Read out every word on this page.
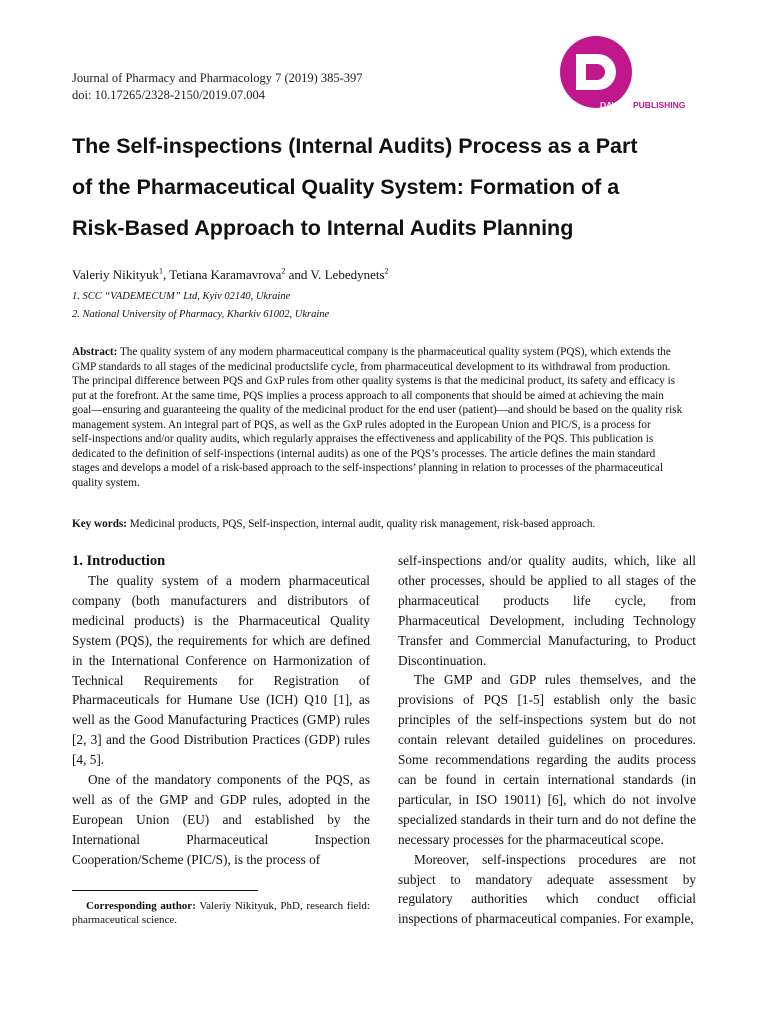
Journal of Pharmacy and Pharmacology 7 (2019) 385-397
doi: 10.17265/2328-2150/2019.07.004
DAVID PUBLISHING
The Self-inspections (Internal Audits) Process as a Part
of the Pharmaceutical Quality System: Formation of a
Risk-Based Approach to Internal Audits Planning
Valeriy Nikityuk$^1$, Tetiana Karamavrova$^2$ and V. Lebedynets$^2$
1. SCC “VADEMECUM” Ltd, Kyiv 02140, Ukraine
2. National University of Pharmacy, Kharkiv 61002, Ukraine
Abstract: The quality system of any modern pharmaceutical company is the pharmaceutical quality system (PQS), which extends the
GMP standards to all stages of the medicinal productslife cycle, from pharmaceutical development to its withdrawal from production.
The principal difference between PQS and GxP rules from other quality systems is that the medicinal product, its safety and efficacy is
put at the forefront. At the same time, PQS implies a process approach to all components that should be aimed at achieving the main
goal—ensuring and guaranteeing the quality of the medicinal product for the end user (patient)—and should be based on the quality risk
management system. An integral part of PQS, as well as the GxP rules adopted in the European Union and PIC/S, is a process for
self-inspections and/or quality audits, which regularly appraises the effectiveness and applicability of the PQS. This publication is
dedicated to the definition of self-inspections (internal audits) as one of the PQS’s processes. The article defines the main standard
stages and develops a model of a risk-based approach to the self-inspections’ planning in relation to processes of the pharmaceutical
quality system.
Key words: Medicinal products, PQS, Self-inspection, internal audit, quality risk management, risk-based approach.
1. Introduction

The quality system of a modern pharmaceutical company (both manufacturers and distributors of medicinal products) is the Pharmaceutical Quality System (PQS), the requirements for which are defined in the International Conference on Harmonization of Technical Requirements for Registration of Pharmaceuticals for Humane Use (ICH) Q10 [1], as well as the Good Manufacturing Practices (GMP) rules [2, 3] and the Good Distribution Practices (GDP) rules [4, 5].

One of the mandatory components of the PQS, as well as of the GMP and GDP rules, adopted in the European Union (EU) and established by the International Pharmaceutical Inspection Cooperation/Scheme (PIC/S), is the process of

self-inspections and/or quality audits, which, like all other processes, should be applied to all stages of the pharmaceutical products life cycle, from Pharmaceutical Development, including Technology Transfer and Commercial Manufacturing, to Product Discontinuation.

The GMP and GDP rules themselves, and the provisions of PQS [1-5] establish only the basic principles of the self-inspections system but do not contain relevant detailed guidelines on procedures. Some recommendations regarding the audits process can be found in certain international standards (in particular, in ISO 19011) [6], which do not involve specialized standards in their turn and do not define the necessary processes for the pharmaceutical scope.

Moreover, self-inspections procedures are not subject to mandatory adequate assessment by regulatory authorities which conduct official inspections of pharmaceutical companies. For example,

Corresponding author: Valeriy Nikityuk, PhD, research field: pharmaceutical science.
